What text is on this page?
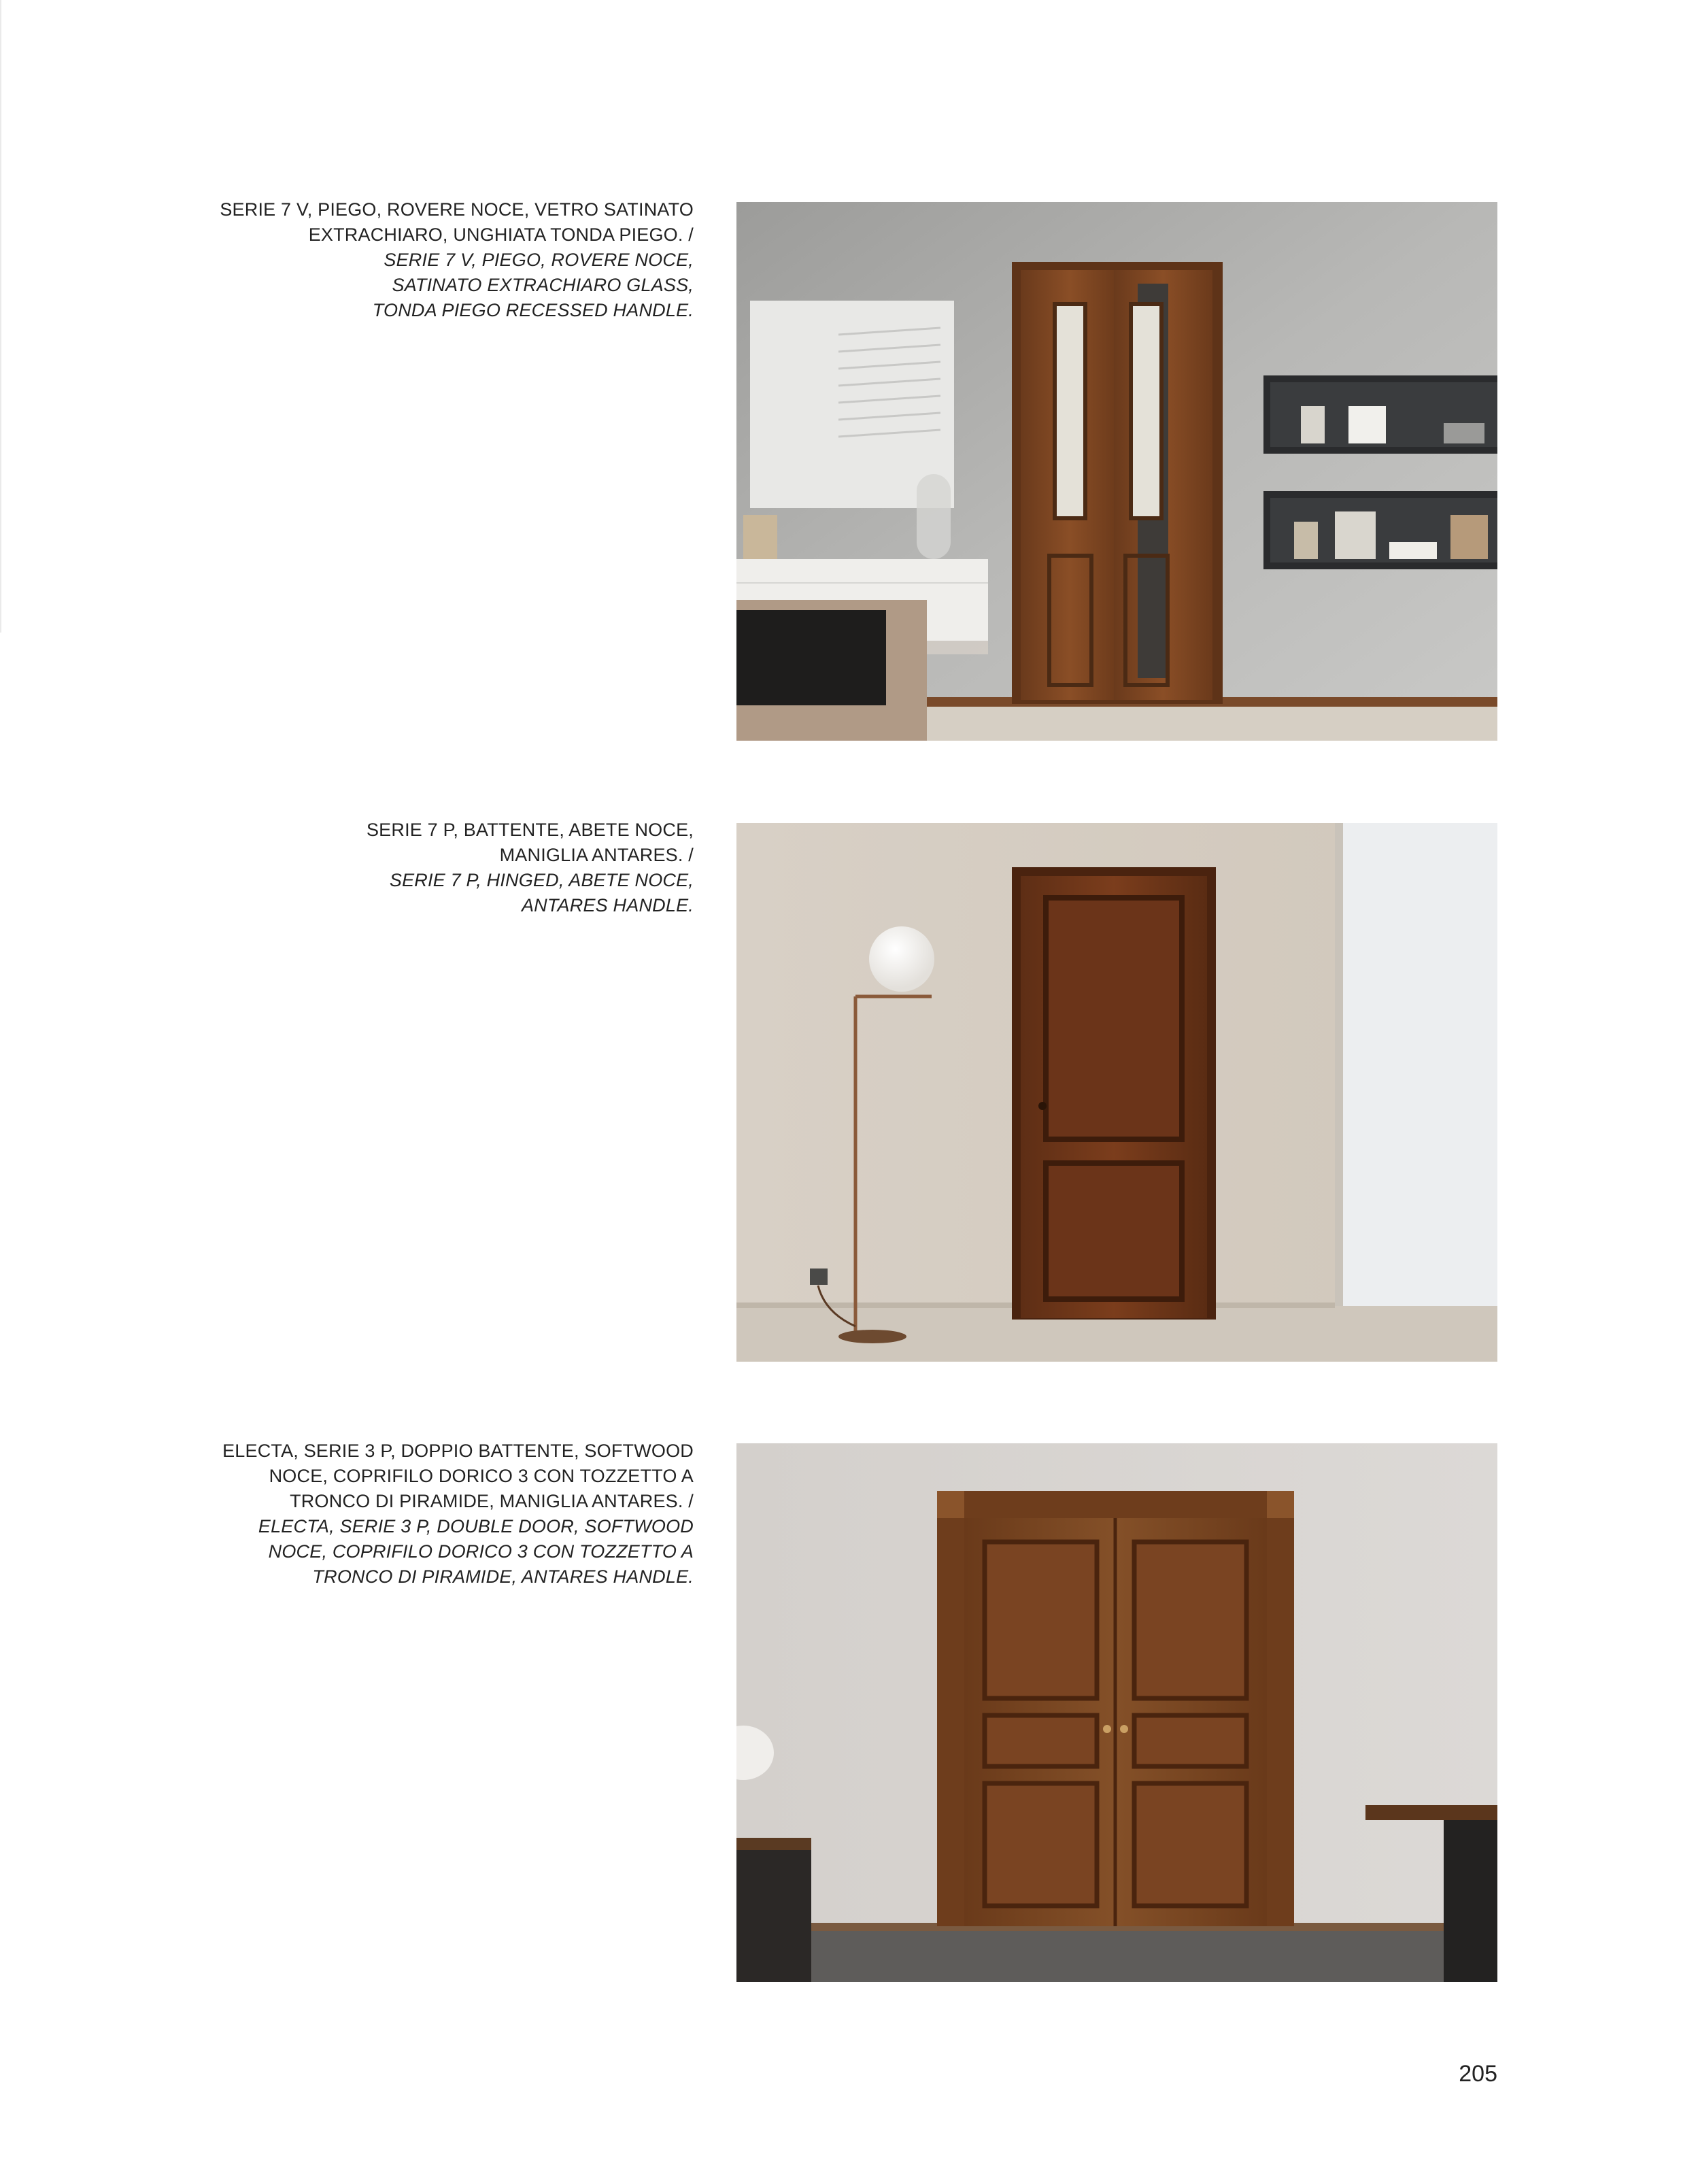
SERIE 7 V, PIEGO, ROVERE NOCE, VETRO SATINATO
EXTRACHIARO, UNGHIATA TONDA PIEGO. /
SERIE 7 V, PIEGO, ROVERE NOCE,
SATINATO EXTRACHIARO GLASS,
TONDA PIEGO RECESSED HANDLE.
SERIE 7 P, BATTENTE, ABETE NOCE,
MANIGLIA ANTARES. /
SERIE 7 P, HINGED, ABETE NOCE,
ANTARES HANDLE.
ELECTA, SERIE 3 P, DOPPIO BATTENTE, SOFTWOOD
NOCE, COPRIFILO DORICO 3 CON TOZZETTO A
TRONCO DI PIRAMIDE, MANIGLIA ANTARES. /
ELECTA, SERIE 3 P, DOUBLE DOOR, SOFTWOOD
NOCE, COPRIFILO DORICO 3 CON TOZZETTO A
TRONCO DI PIRAMIDE, ANTARES HANDLE.
205
